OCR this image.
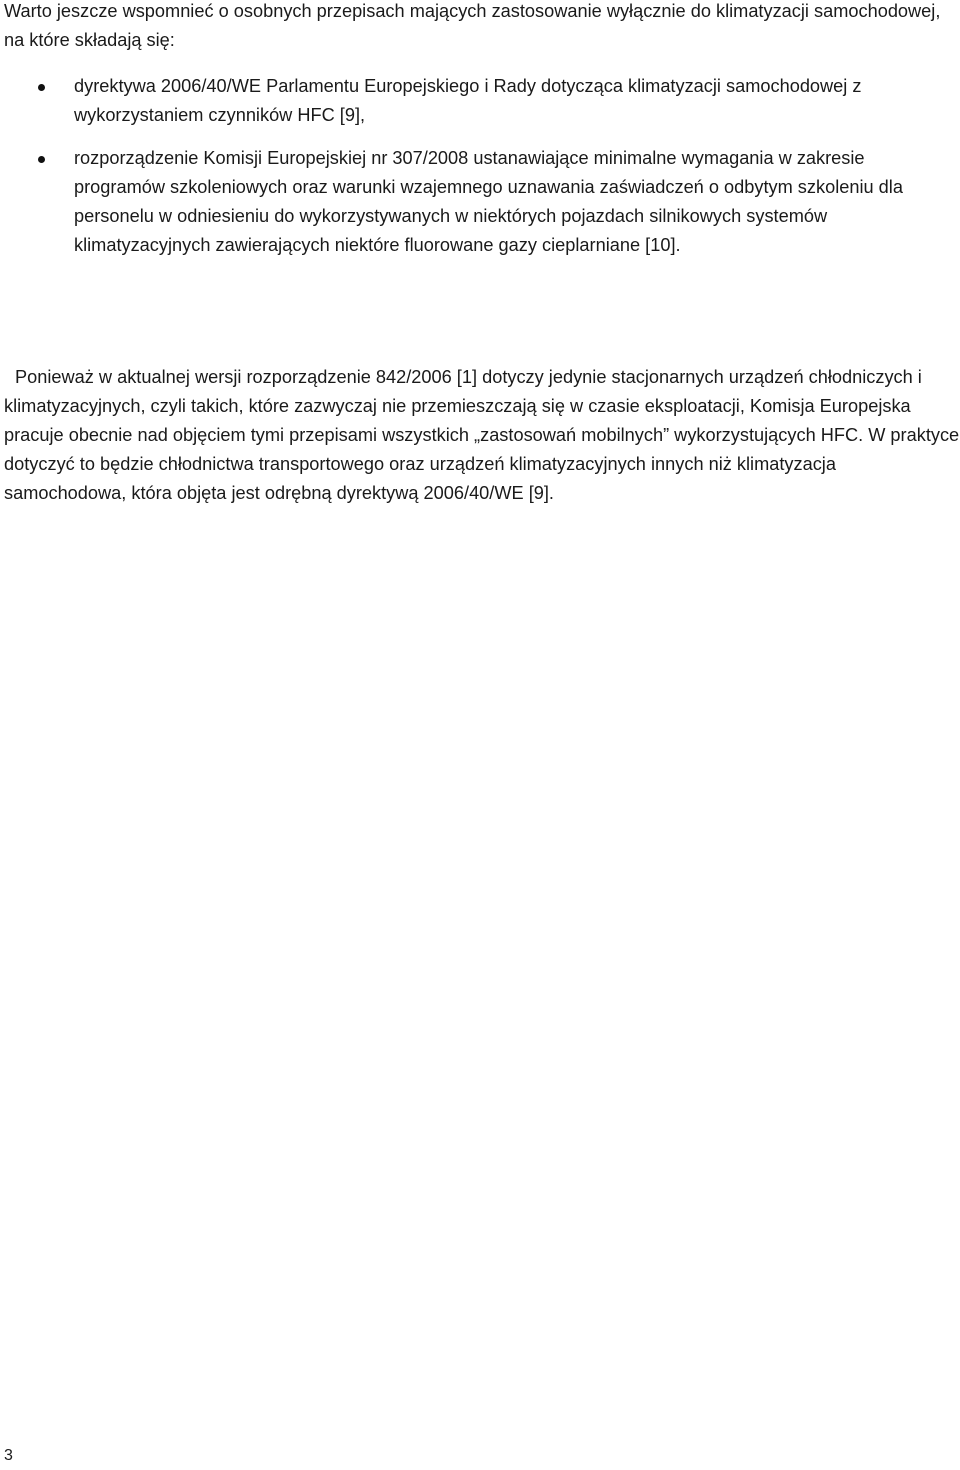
Warto jeszcze wspomnieć o osobnych przepisach mających zastosowanie wyłącznie do klimatyzacji samochodowej, na które składają się:

dyrektywa 2006/40/WE Parlamentu Europejskiego i Rady dotycząca klimatyzacji samochodowej z wykorzystaniem czynników HFC [9],
rozporządzenie Komisji Europejskiej nr 307/2008 ustanawiające minimalne wymagania w zakresie programów szkoleniowych oraz warunki wzajemnego uznawania zaświadczeń o odbytym szkoleniu dla personelu w odniesieniu do wykorzystywanych w niektórych pojazdach silnikowych systemów klimatyzacyjnych zawierających niektóre fluorowane gazy cieplarniane [10].

Ponieważ w aktualnej wersji rozporządzenie 842/2006 [1] dotyczy jedynie stacjonarnych urządzeń chłodniczych i klimatyzacyjnych, czyli takich, które zazwyczaj nie przemieszczają się w czasie eksploatacji, Komisja Europejska pracuje obecnie nad objęciem tymi przepisami wszystkich „zastosowań mobilnych” wykorzystujących HFC. W praktyce dotyczyć to będzie chłodnictwa transportowego oraz urządzeń klimatyzacyjnych innych niż klimatyzacja samochodowa, która objęta jest odrębną dyrektywą 2006/40/WE [9].

3
